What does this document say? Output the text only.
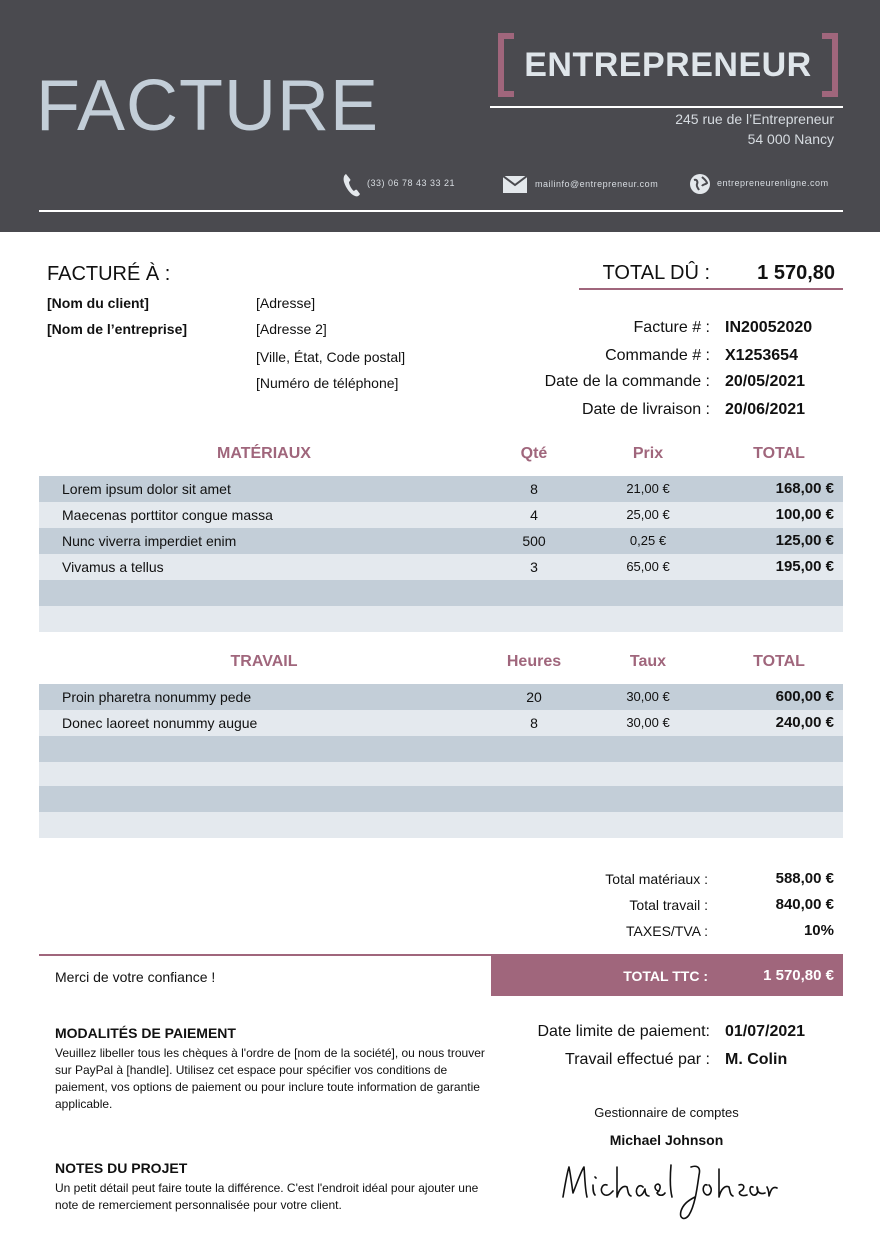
FACTURE
ENTREPRENEUR
245 rue de l’Entrepreneur
54 000 Nancy
(33) 06 78 43 33 21	mailinfo@entrepreneur.com	entrepreneurenligne.com
FACTURÉ À :
[Nom du client]
[Nom de l’entreprise]
[Adresse]
[Adresse 2]
[Ville, État, Code postal]
[Numéro de téléphone]
TOTAL DÛ :	1 570,80
Facture # : IN20052020
Commande # : X1253654
Date de la commande : 20/05/2021
Date de livraison : 20/06/2021
MATÉRIAUX	Qté	Prix	TOTAL
Lorem ipsum dolor sit amet	8	21,00 €	168,00 €
Maecenas porttitor congue massa	4	25,00 €	100,00 €
Nunc viverra imperdiet enim	500	0,25 €	125,00 €
Vivamus a tellus	3	65,00 €	195,00 €
TRAVAIL	Heures	Taux	TOTAL
Proin pharetra nonummy pede	20	30,00 €	600,00 €
Donec laoreet nonummy augue	8	30,00 €	240,00 €
Total matériaux :	588,00 €
Total travail :	840,00 €
TAXES/TVA :	10%
Merci de votre confiance !	TOTAL TTC :	1 570,80 €
MODALITÉS DE PAIEMENT
Veuillez libeller tous les chèques à l'ordre de [nom de la société], ou nous trouver sur PayPal à [handle]. Utilisez cet espace pour spécifier vos conditions de paiement, vos options de paiement ou pour inclure toute information de garantie applicable.
Date limite de paiement: 01/07/2021
Travail effectué par : M. Colin
Gestionnaire de comptes
Michael Johnson
NOTES DU PROJET
Un petit détail peut faire toute la différence. C'est l'endroit idéal pour ajouter une note de remerciement personnalisée pour votre client.
